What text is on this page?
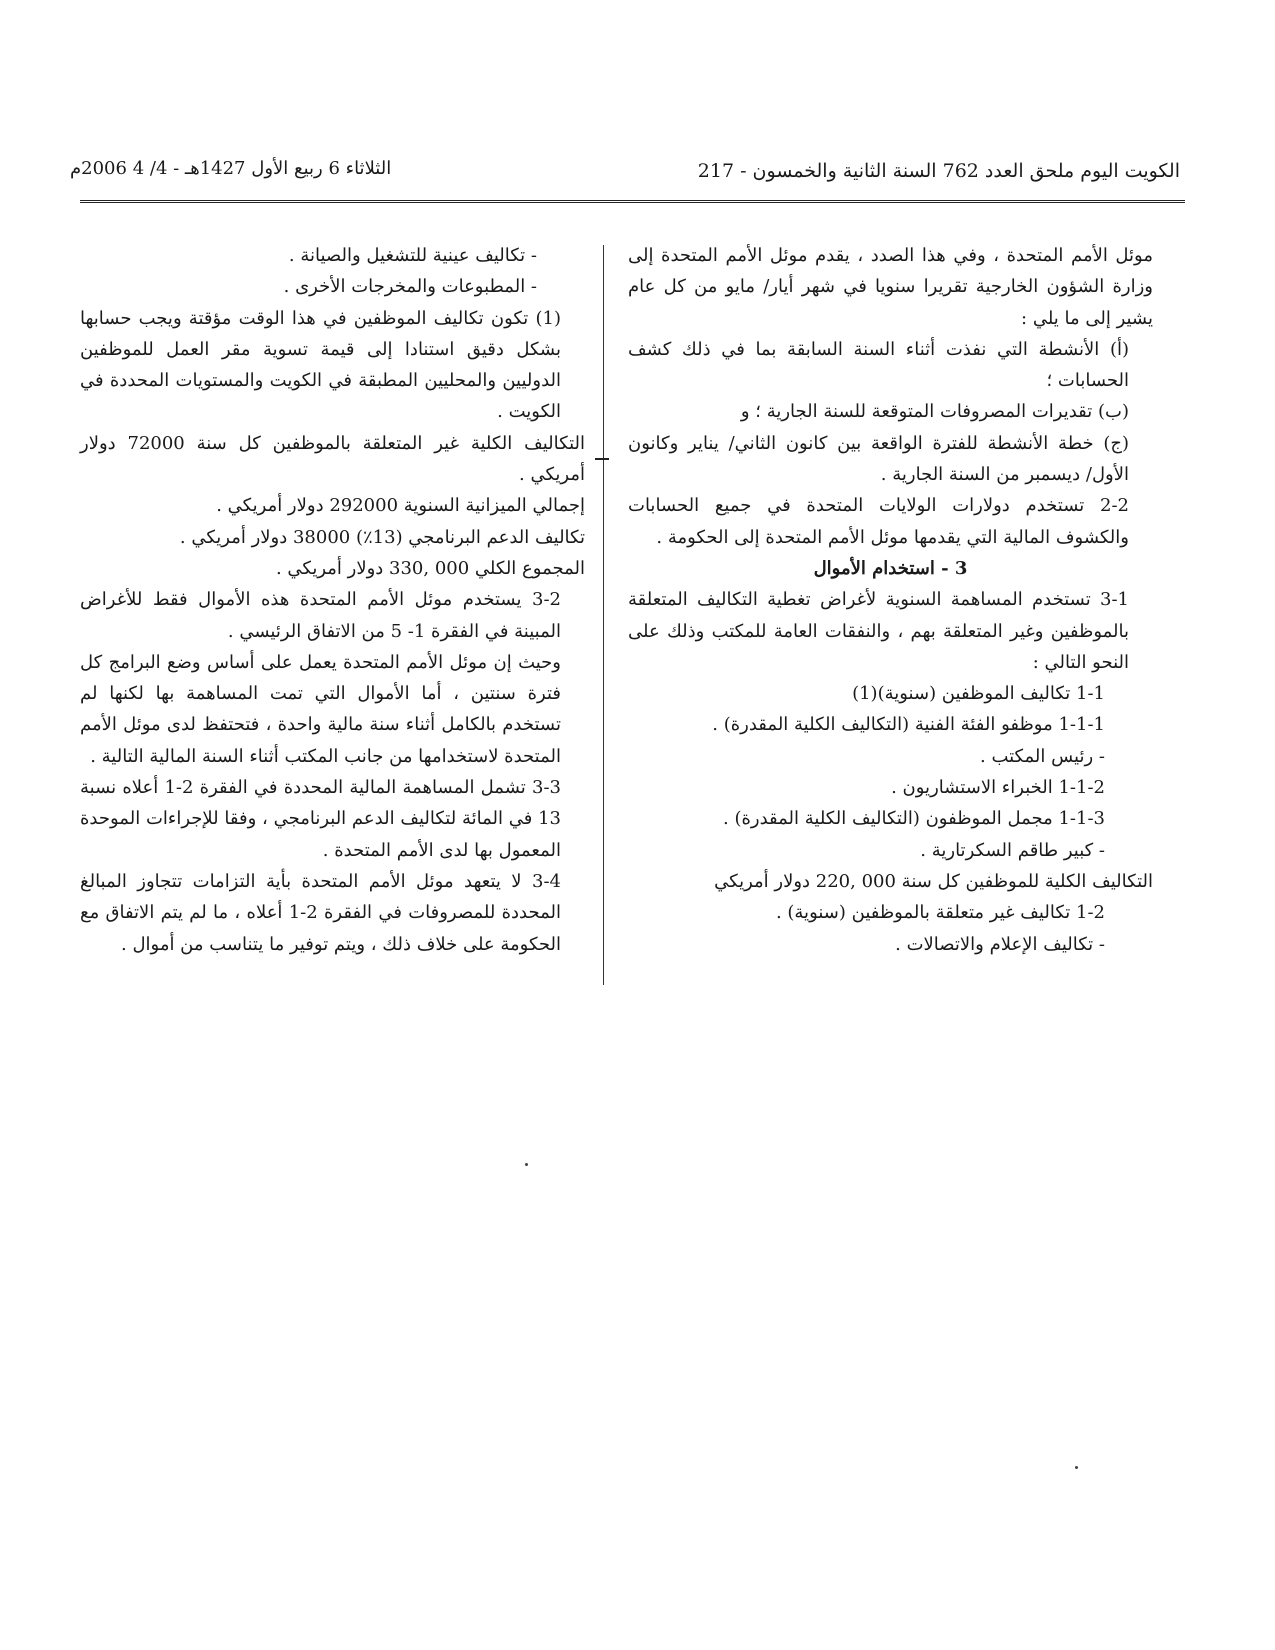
الكويت اليوم ملحق العدد 762 السنة الثانية والخمسون - 217
الثلاثاء 6 ربيع الأول 1427هـ - 4/ 4 2006م

موئل الأمم المتحدة ، وفي هذا الصدد ، يقدم موئل الأمم المتحدة إلى وزارة الشؤون الخارجية تقريرا سنويا في شهر أيار/ مايو من كل عام يشير إلى ما يلي :

(أ) الأنشطة التي نفذت أثناء السنة السابقة بما في ذلك كشف الحسابات ؛

(ب) تقديرات المصروفات المتوقعة للسنة الجارية ؛ و

(ج) خطة الأنشطة للفترة الواقعة بين كانون الثاني/ يناير وكانون الأول/ ديسمبر من السنة الجارية .

2-2 تستخدم دولارات الولايات المتحدة في جميع الحسابات والكشوف المالية التي يقدمها موئل الأمم المتحدة إلى الحكومة .

3 - استخدام الأموال

3-1 تستخدم المساهمة السنوية لأغراض تغطية التكاليف المتعلقة بالموظفين وغير المتعلقة بهم ، والنفقات العامة للمكتب وذلك على النحو التالي :

1-1 تكاليف الموظفين (سنوية)(1)

1-1-1 موظفو الفئة الفنية (التكاليف الكلية المقدرة) .

- رئيس المكتب .

1-1-2 الخبراء الاستشاريون .

1-1-3 مجمل الموظفون (التكاليف الكلية المقدرة) .

- كبير طاقم السكرتارية .

التكاليف الكلية للموظفين كل سنة 000 ,220 دولار أمريكي

1-2 تكاليف غير متعلقة بالموظفين (سنوية) .

- تكاليف الإعلام والاتصالات .

- تكاليف عينية للتشغيل والصيانة .

- المطبوعات والمخرجات الأخرى .

(1) تكون تكاليف الموظفين في هذا الوقت مؤقتة ويجب حسابها بشكل دقيق استنادا إلى قيمة تسوية مقر العمل للموظفين الدوليين والمحليين المطبقة في الكويت والمستويات المحددة في الكويت .

التكاليف الكلية غير المتعلقة بالموظفين كل سنة 72000 دولار أمريكي .

إجمالي الميزانية السنوية 292000 دولار أمريكي .

تكاليف الدعم البرنامجي (13٪) 38000 دولار أمريكي .

المجموع الكلي 000 ,330 دولار أمريكي .

3-2 يستخدم موئل الأمم المتحدة هذه الأموال فقط للأغراض المبينة في الفقرة 1- 5 من الاتفاق الرئيسي .

وحيث إن موئل الأمم المتحدة يعمل على أساس وضع البرامج كل فترة سنتين ، أما الأموال التي تمت المساهمة بها لكنها لم تستخدم بالكامل أثناء سنة مالية واحدة ، فتحتفظ لدى موئل الأمم المتحدة لاستخدامها من جانب المكتب أثناء السنة المالية التالية .

3-3 تشمل المساهمة المالية المحددة في الفقرة 2-1 أعلاه نسبة 13 في المائة لتكاليف الدعم البرنامجي ، وفقا للإجراءات الموحدة المعمول بها لدى الأمم المتحدة .

3-4 لا يتعهد موئل الأمم المتحدة بأية التزامات تتجاوز المبالغ المحددة للمصروفات في الفقرة 2-1 أعلاه ، ما لم يتم الاتفاق مع الحكومة على خلاف ذلك ، ويتم توفير ما يتناسب من أموال .
